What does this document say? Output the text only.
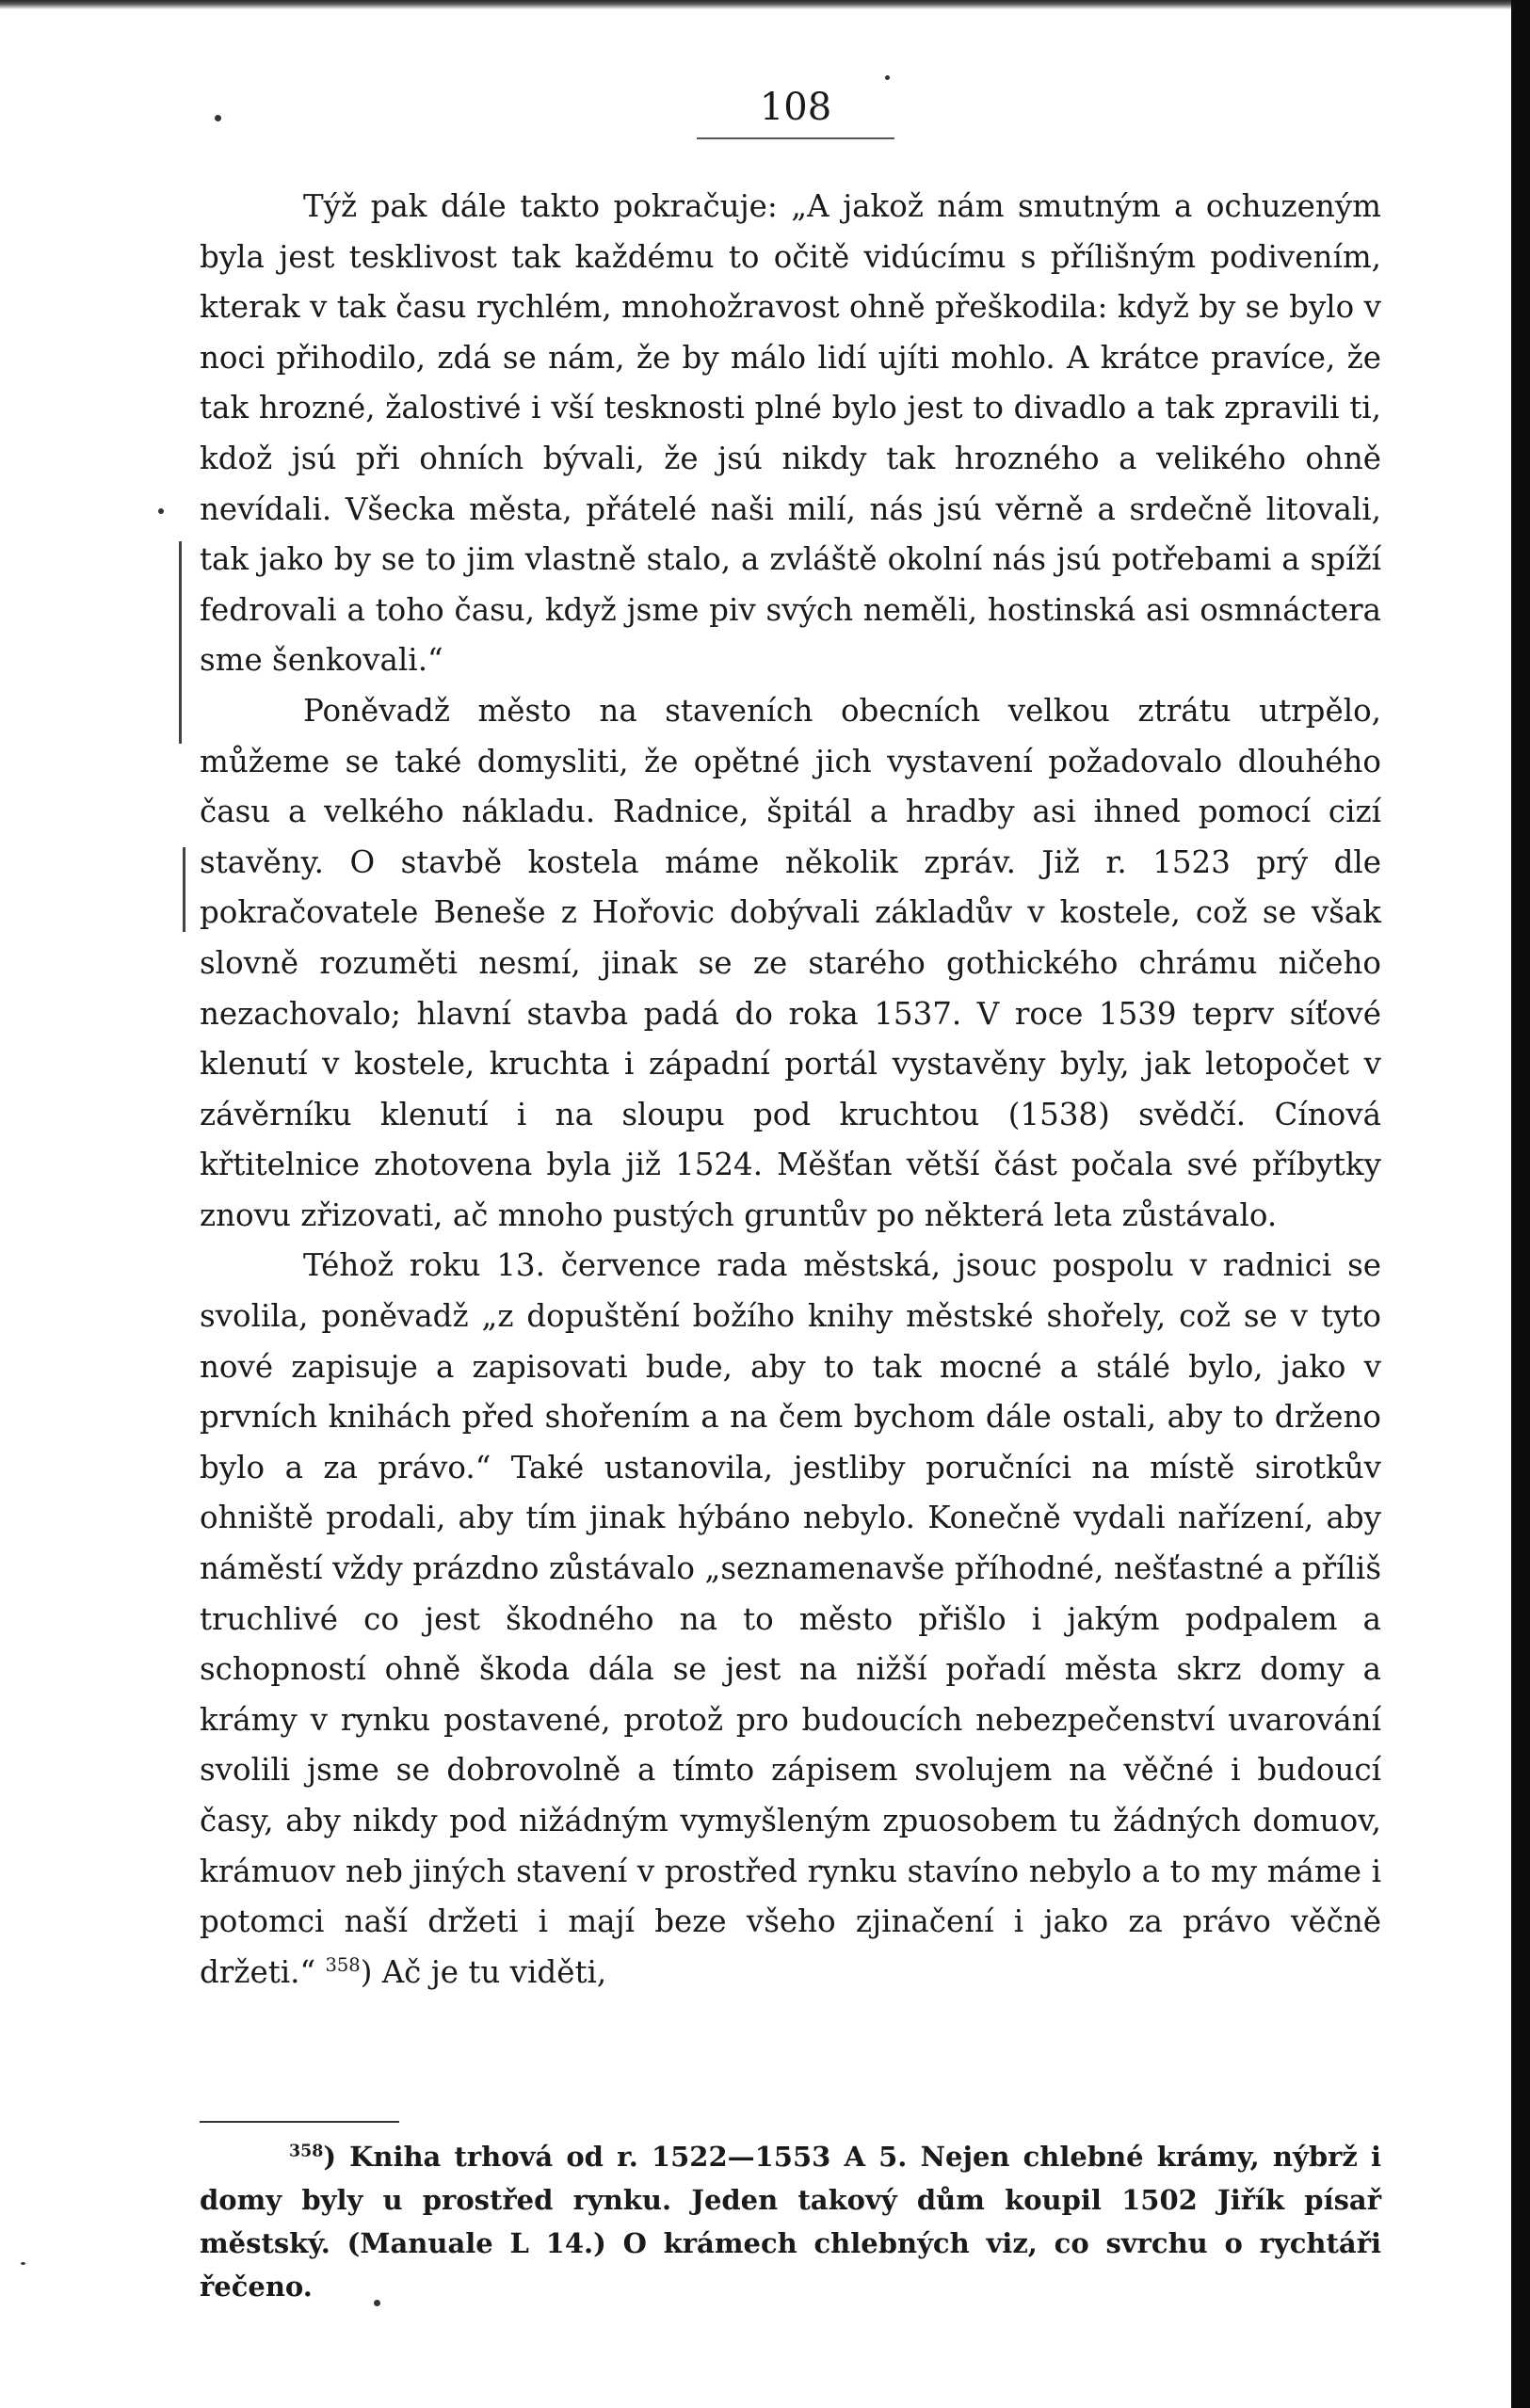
108

Týž pak dále takto pokračuje: „A jakož nám smutným a ochuzeným byla jest tesklivost tak každému to očitě vidúcímu s přílišným podivením, kterak v tak času rychlém, mnohožravost ohně přeškodila: když by se bylo v noci přihodilo, zdá se nám, že by málo lidí ujíti mohlo. A krátce pravíce, že tak hrozné, žalostivé i vší tesknosti plné bylo jest to divadlo a tak zpravili ti, kdož jsú při ohních bývali, že jsú nikdy tak hrozného a velikého ohně nevídali. Všecka města, přátelé naši milí, nás jsú věrně a srdečně litovali, tak jako by se to jim vlastně stalo, a zvláště okolní nás jsú potřebami a spíží fedrovali a toho času, když jsme piv svých neměli, hostinská asi osmnáctera sme šenkovali.“

Poněvadž město na staveních obecních velkou ztrátu utrpělo, můžeme se také domysliti, že opětné jich vystavení požadovalo dlouhého času a velkého nákladu. Radnice, špitál a hradby asi ihned pomocí cizí stavěny. O stavbě kostela máme několik zpráv. Již r. 1523 prý dle pokračovatele Beneše z Hořovic dobývali základův v kostele, což se však slovně rozuměti nesmí, jinak se ze starého gothického chrámu ničeho nezachovalo; hlavní stavba padá do roka 1537. V roce 1539 teprv síťové klenutí v kostele, kruchta i západní portál vystavěny byly, jak letopočet v závěrníku klenutí i na sloupu pod kruchtou (1538) svědčí. Cínová křtitelnice zhotovena byla již 1524. Měšťan větší část počala své příbytky znovu zřizovati, ač mnoho pustých gruntův po některá leta zůstávalo.

Téhož roku 13. července rada městská, jsouc pospolu v radnici se svolila, poněvadž „z dopuštění božího knihy městské shořely, což se v tyto nové zapisuje a zapisovati bude, aby to tak mocné a stálé bylo, jako v prvních knihách před shořením a na čem bychom dále ostali, aby to drženo bylo a za právo.“ Také ustanovila, jestliby poručníci na místě sirotkův ohniště prodali, aby tím jinak hýbáno nebylo. Konečně vydali nařízení, aby náměstí vždy prázdno zůstávalo „seznamenavše příhodné, nešťastné a příliš truchlivé co jest škodného na to město přišlo i jakým podpalem a schopností ohně škoda dála se jest na nižší pořadí města skrz domy a krámy v rynku postavené, protož pro budoucích nebezpečenství uvarování svolili jsme se dobrovolně a tímto zápisem svolujem na věčné i budoucí časy, aby nikdy pod nižádným vymyšleným zpuosobem tu žádných domuov, krámuov neb jiných stavení v prostřed rynku stavíno nebylo a to my máme i potomci naší držeti i mají beze všeho zjinačení i jako za právo věčně držeti.“ $^{358}$) Ač je tu viděti,

$^{358}$) Kniha trhová od r. 1522—1553 A 5. Nejen chlebné krámy, nýbrž i domy byly u prostřed rynku. Jeden takový dům koupil 1502 Jiřík písař městský. (Manuale L 14.) O krámech chlebných viz, co svrchu o rychtáři řečeno.
